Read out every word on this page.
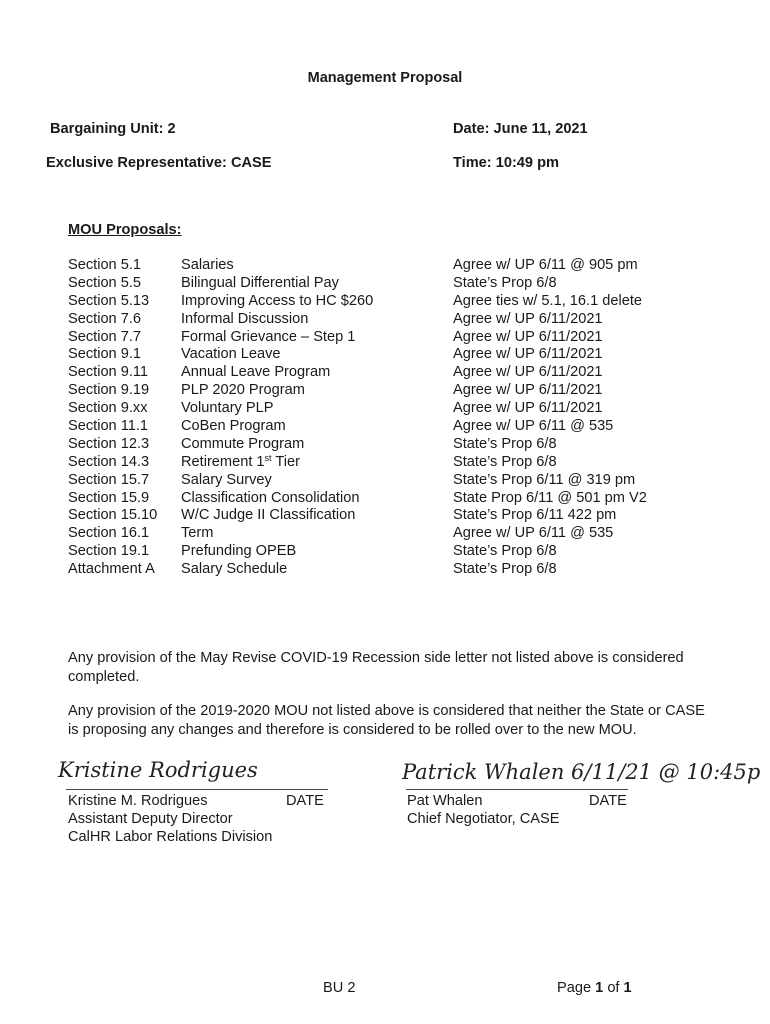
Management Proposal
Bargaining Unit: 2	Date: June 11, 2021
Exclusive Representative: CASE	Time: 10:49 pm
MOU Proposals:
Section 5.1	Salaries	Agree w/ UP 6/11 @ 905 pm
Section 5.5	Bilingual Differential Pay	State’s Prop 6/8
Section 5.13 Improving Access to HC $260	Agree ties w/ 5.1, 16.1 delete
Section 7.6	Informal Discussion	Agree w/ UP 6/11/2021
Section 7.7	Formal Grievance – Step 1	Agree w/ UP 6/11/2021
Section 9.1	Vacation Leave	Agree w/ UP 6/11/2021
Section 9.11 Annual Leave Program	Agree w/ UP 6/11/2021
Section 9.19 PLP 2020 Program	Agree w/ UP 6/11/2021
Section 9.xx Voluntary PLP	Agree w/ UP 6/11/2021
Section 11.1 CoBen Program	Agree w/ UP 6/11 @ 535
Section 12.3 Commute Program	State’s Prop 6/8
Section 14.3 Retirement 1st Tier	State’s Prop 6/8
Section 15.7 Salary Survey	State’s Prop 6/11 @ 319 pm
Section 15.9 Classification Consolidation	State Prop 6/11 @ 501 pm V2
Section 15.10 W/C Judge II Classification	State’s Prop 6/11 422 pm
Section 16.1 Term	Agree w/ UP 6/11 @ 535
Section 19.1 Prefunding OPEB	State’s Prop 6/8
Attachment A Salary Schedule	State’s Prop 6/8
Any provision of the May Revise COVID-19 Recession side letter not listed above is considered completed.
Any provision of the 2019-2020 MOU not listed above is considered that neither the State or CASE is proposing any changes and therefore is considered to be rolled over to the new MOU.
Kristine Rodrigues	Patrick Whalen 6/11/21 @ 10:45p
Kristine M. Rodrigues
Assistant Deputy Director
CalHR Labor Relations Division
DATE	Pat Whalen
Chief Negotiator, CASE
DATE
BU 2	Page 1 of 1
